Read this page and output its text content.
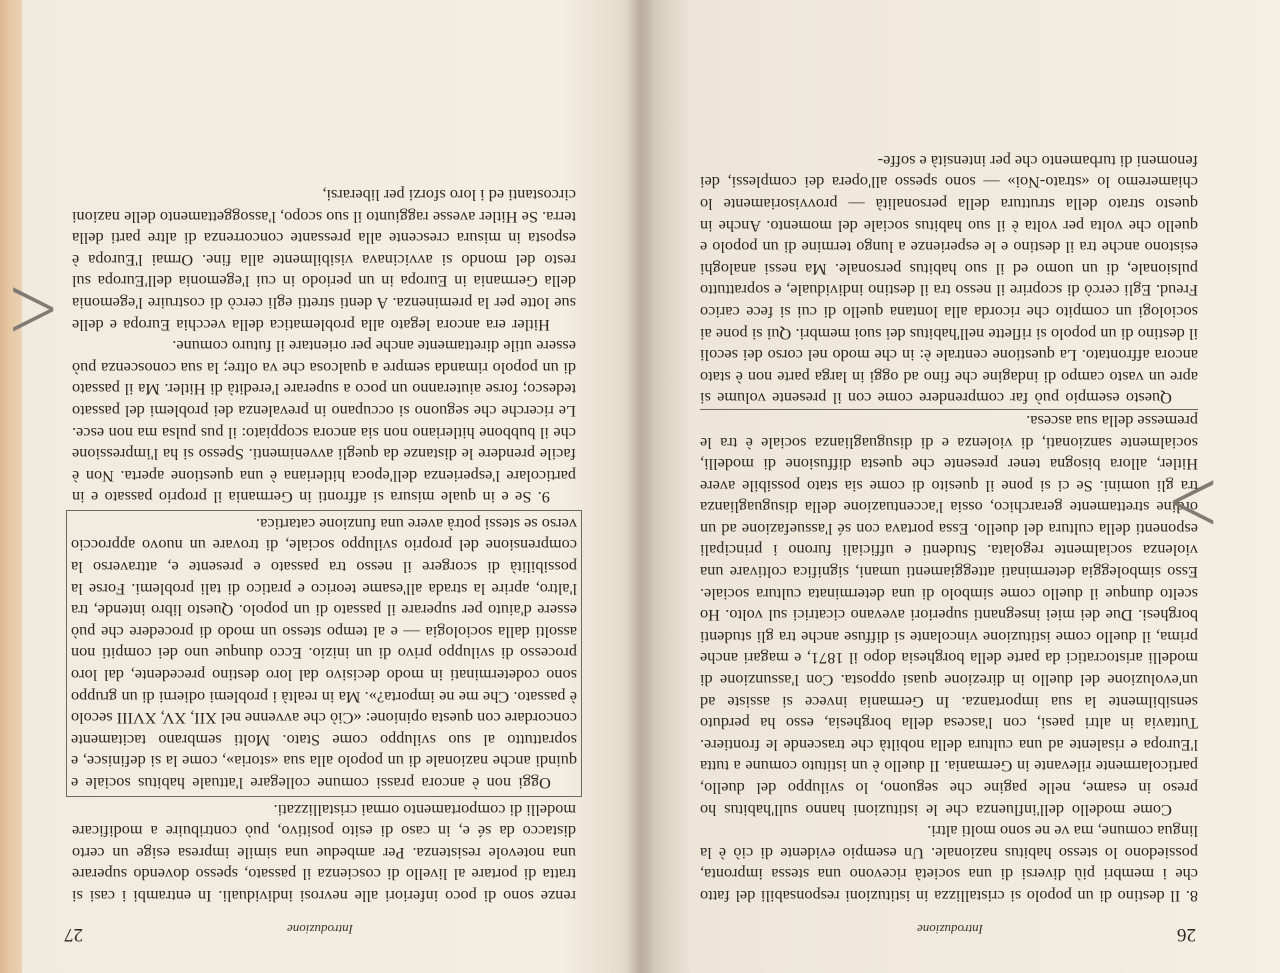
26
Introduzione

8. Il destino di un popolo si cristallizza in istituzioni responsabili del fatto che i membri più diversi di una società ricevono una stessa impronta, possiedono lo stesso habitus nazionale. Un esempio evidente di ciò è la lingua comune, ma ve ne sono molti altri.

Come modello dell'influenza che le istituzioni hanno sull'habitus ho preso in esame, nelle pagine che seguono, lo sviluppo del duello, particolarmente rilevante in Germania. Il duello è un istituto comune a tutta l'Europa e risalente ad una cultura della nobiltà che trascende le frontiere. Tuttavia in altri paesi, con l'ascesa della borghesia, esso ha perduto sensibilmente la sua importanza. In Germania invece si assiste ad un'evoluzione del duello in direzione quasi opposta. Con l'assunzione di modelli aristocratici da parte della borghesia dopo il 1871, e magari anche prima, il duello come istituzione vincolante si diffuse anche tra gli studenti borghesi. Due dei miei insegnanti superiori avevano cicatrici sul volto. Ho scelto dunque il duello come simbolo di una determinata cultura sociale. Esso simboleggia determinati atteggiamenti umani, significa coltivare una violenza socialmente regolata. Studenti e ufficiali furono i principali esponenti della cultura del duello. Essa portava con sé l'assuefazione ad un ordine strettamente gerarchico, ossia l'accentuazione della disuguaglianza tra gli uomini. Se ci si pone il quesito di come sia stato possibile avere Hitler, allora bisogna tener presente che questa diffusione di modelli, socialmente sanzionati, di violenza e di disuguaglianza sociale è tra le premesse della sua ascesa.

Questo esempio può far comprendere come con il presente volume si apre un vasto campo di indagine che fino ad oggi in larga parte non è stato ancora affrontato. La questione centrale è: in che modo nel corso dei secoli il destino di un popolo si riflette nell'habitus dei suoi membri. Qui si pone ai sociologi un compito che ricorda alla lontana quello di cui si fece carico Freud. Egli cercò di scoprire il nesso tra il destino individuale, e soprattutto pulsionale, di un uomo ed il suo habitus personale. Ma nessi analoghi esistono anche tra il destino e le esperienze a lungo termine di un popolo e quello che volta per volta è il suo habitus sociale del momento. Anche in questo strato della struttura della personalità — provvisoriamente lo chiameremo lo «strato-Noi» — sono spesso all'opera dei complessi, dei fenomeni di turbamento che per intensità e soffe-

27	Introduzione

renze sono di poco inferiori alle nevrosi individuali. In entrambi i casi si tratta di portare al livello di coscienza il passato, spesso dovendo superare una notevole resistenza. Per ambedue una simile impresa esige un certo distacco da sé e, in caso di esito positivo, può contribuire a modificare modelli di comportamento ormai cristallizzati.

Oggi non è ancora prassi comune collegare l'attuale habitus sociale e quindi anche nazionale di un popolo alla sua «storia», come la si definisce, e soprattutto al suo sviluppo come Stato. Molti sembrano tacitamente concordare con questa opinione: «Ciò che avvenne nel XII, XV, XVIII secolo è passato. Che me ne importa?». Ma in realtà i problemi odierni di un gruppo sono codeterminati in modo decisivo dal loro destino precedente, dal loro processo di sviluppo privo di un inizio. Ecco dunque uno dei compiti non assolti dalla sociologia — e al tempo stesso un modo di procedere che può essere d'aiuto per superare il passato di un popolo. Questo libro intende, tra l'altro, aprire la strada all'esame teorico e pratico di tali problemi. Forse la possibilità di scorgere il nesso tra passato e presente e, attraverso la comprensione del proprio sviluppo sociale, di trovare un nuovo approccio verso se stessi potrà avere una funzione catartica.

9. Se e in quale misura si affronti in Germania il proprio passato e in particolare l'esperienza dell'epoca hitleriana è una questione aperta. Non è facile prendere le distanze da quegli avvenimenti. Spesso si ha l'impressione che il bubbone hitleriano non sia ancora scoppiato: il pus pulsa ma non esce. Le ricerche che seguono si occupano in prevalenza dei problemi del passato tedesco; forse aiuteranno un poco a superare l'eredità di Hitler. Ma il passato di un popolo rimanda sempre a qualcosa che va oltre; la sua conoscenza può essere utile direttamente anche per orientare il futuro comune.

Hitler era ancora legato alla problematica della vecchia Europa e delle sue lotte per la preminenza. A denti stretti egli cercò di costruire l'egemonia della Germania in Europa in un periodo in cui l'egemonia dell'Europa sul resto del mondo si avvicinava visibilmente alla fine. Ormai l'Europa è esposta in misura crescente alla pressante concorrenza di altre parti della terra. Se Hitler avesse raggiunto il suo scopo, l'assoggettamento delle nazioni circostanti ed i loro sforzi per liberarsi,

<
<
